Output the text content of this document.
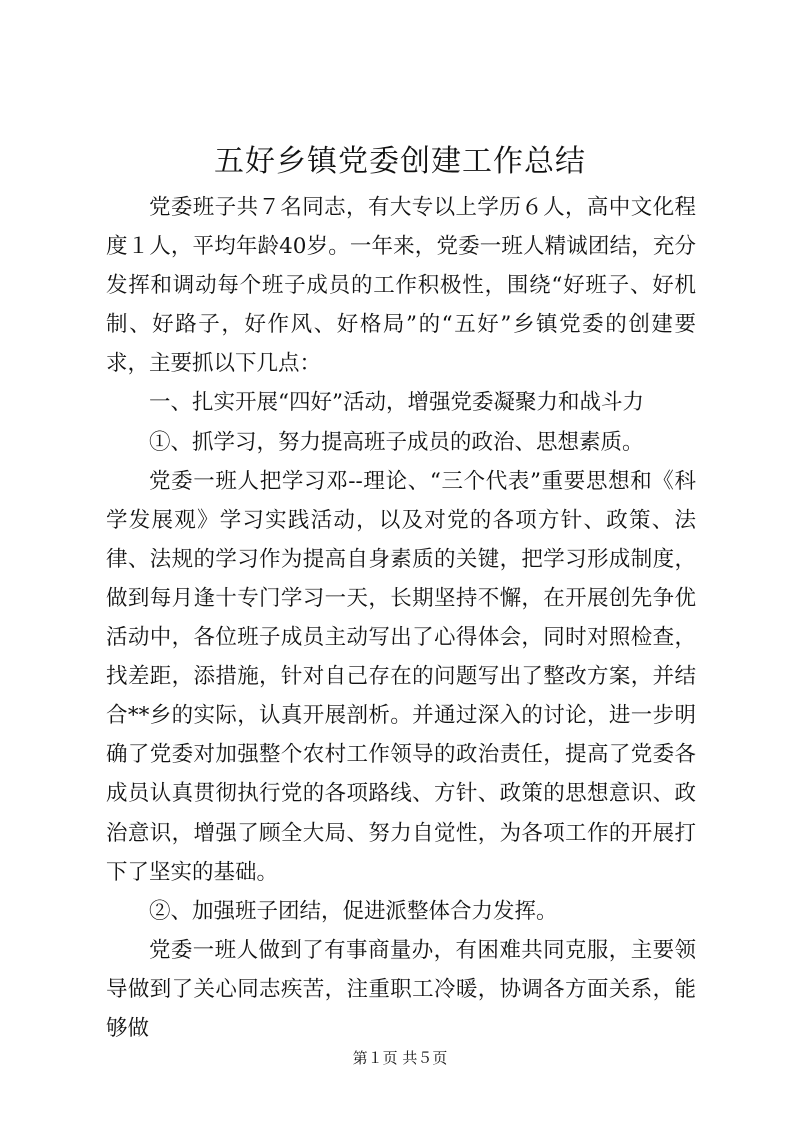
五好乡镇党委创建工作总结

党委班子共７名同志，有大专以上学历６人，高中文化程度１人，平均年龄40岁。一年来，党委一班人精诚团结，充分发挥和调动每个班子成员的工作积极性，围绕“好班子、好机制、好路子，好作风、好格局”的“五好”乡镇党委的创建要求，主要抓以下几点：

一、扎实开展“四好”活动，增强党委凝聚力和战斗力

①、抓学习，努力提高班子成员的政治、思想素质。

党委一班人把学习邓--理论、“三个代表”重要思想和《科学发展观》学习实践活动，以及对党的各项方针、政策、法律、法规的学习作为提高自身素质的关键，把学习形成制度，做到每月逢十专门学习一天，长期坚持不懈，在开展创先争优活动中，各位班子成员主动写出了心得体会，同时对照检查，找差距，添措施，针对自己存在的问题写出了整改方案，并结合**乡的实际，认真开展剖析。并通过深入的讨论，进一步明确了党委对加强整个农村工作领导的政治责任，提高了党委各成员认真贯彻执行党的各项路线、方针、政策的思想意识、政治意识，增强了顾全大局、努力自觉性，为各项工作的开展打下了坚实的基础。

②、加强班子团结，促进派整体合力发挥。

党委一班人做到了有事商量办，有困难共同克服，主要领导做到了关心同志疾苦，注重职工冷暖，协调各方面关系，能够做

第１页 共５页
